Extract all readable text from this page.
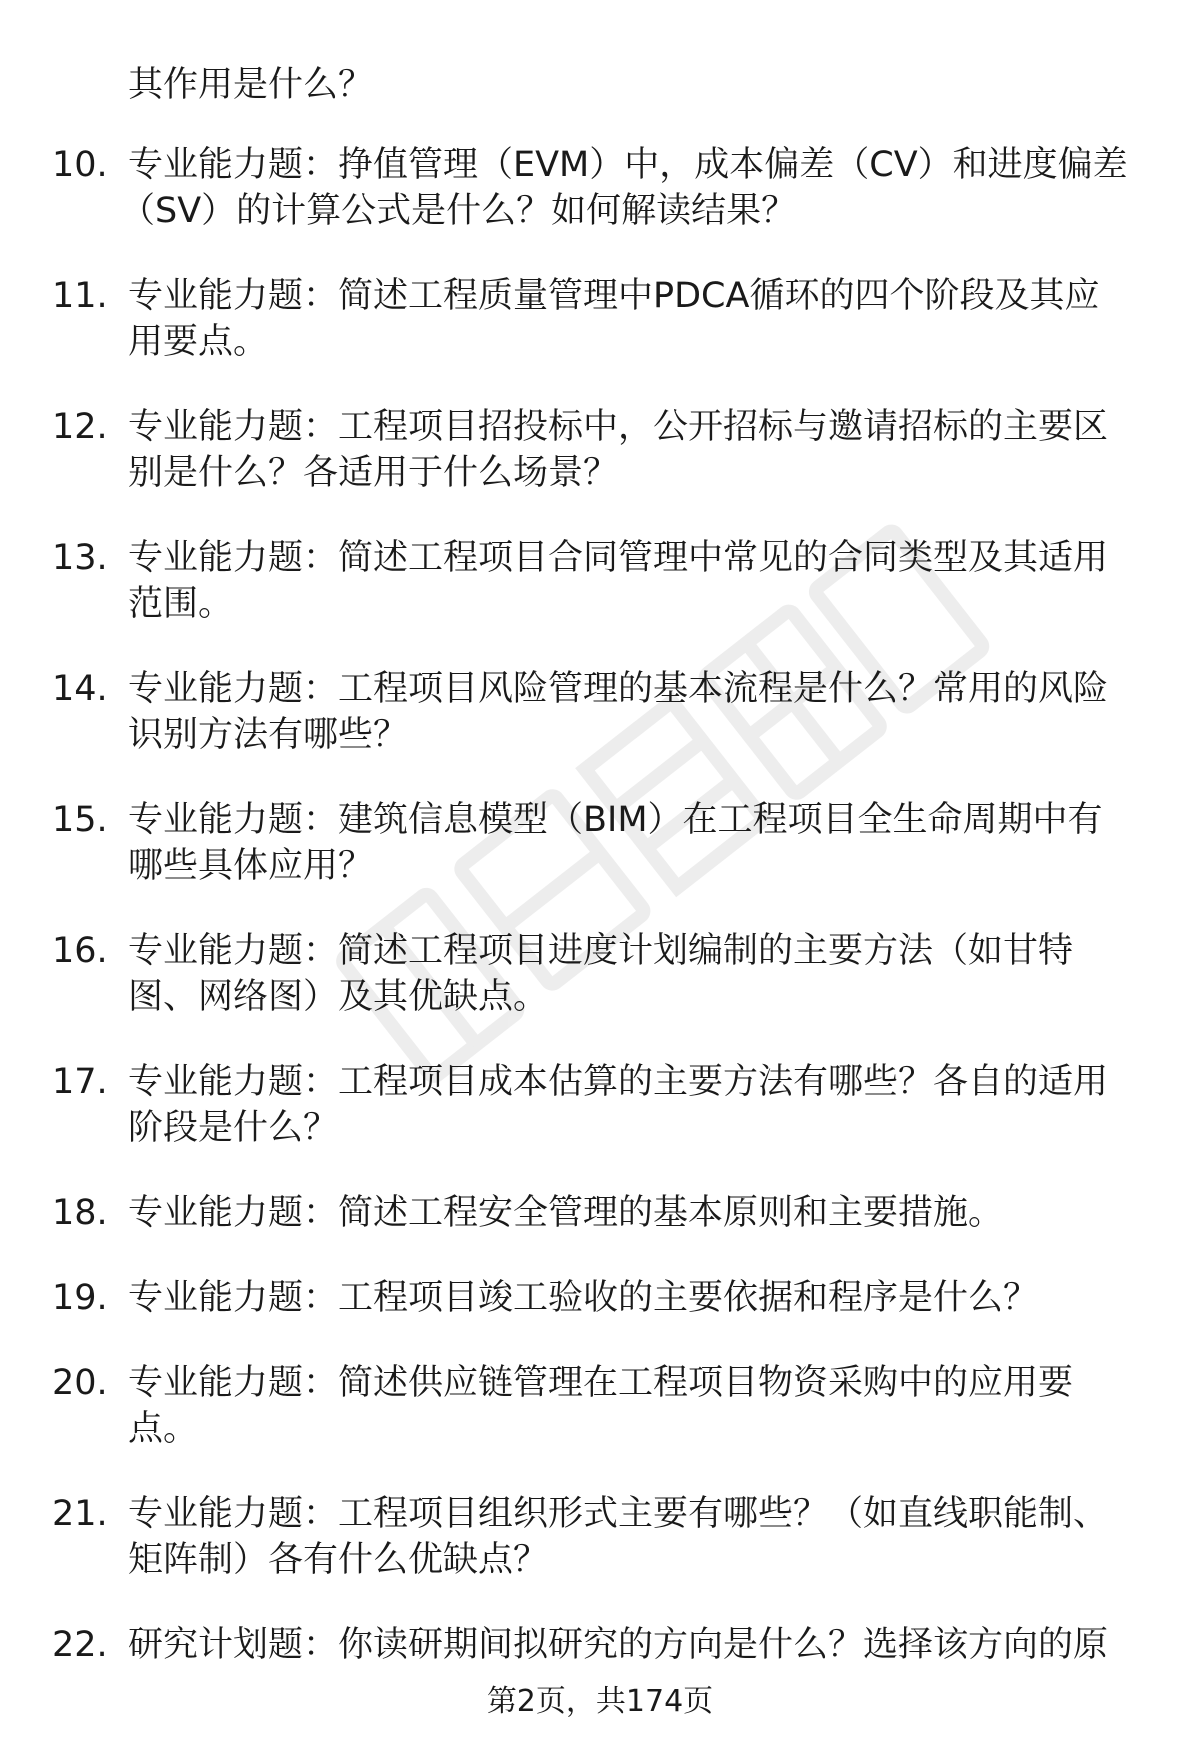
其作用是什么？
10. 专业能力题：挣值管理（EVM）中，成本偏差（CV）和进度偏差
（SV）的计算公式是什么？如何解读结果？
11. 专业能力题：简述工程质量管理中PDCA循环的四个阶段及其应
用要点。
12. 专业能力题：工程项目招投标中，公开招标与邀请招标的主要区
别是什么？各适用于什么场景？
13. 专业能力题：简述工程项目合同管理中常见的合同类型及其适用
范围。
14. 专业能力题：工程项目风险管理的基本流程是什么？常用的风险
识别方法有哪些？
15. 专业能力题：建筑信息模型（BIM）在工程项目全生命周期中有
哪些具体应用？
16. 专业能力题：简述工程项目进度计划编制的主要方法（如甘特
图、网络图）及其优缺点。
17. 专业能力题：工程项目成本估算的主要方法有哪些？各自的适用
阶段是什么？
18. 专业能力题：简述工程安全管理的基本原则和主要措施。
19. 专业能力题：工程项目竣工验收的主要依据和程序是什么？
20. 专业能力题：简述供应链管理在工程项目物资采购中的应用要
点。
21. 专业能力题：工程项目组织形式主要有哪些？（如直线职能制、
矩阵制）各有什么优缺点？
22. 研究计划题：你读研期间拟研究的方向是什么？选择该方向的原
第2页，共174页
